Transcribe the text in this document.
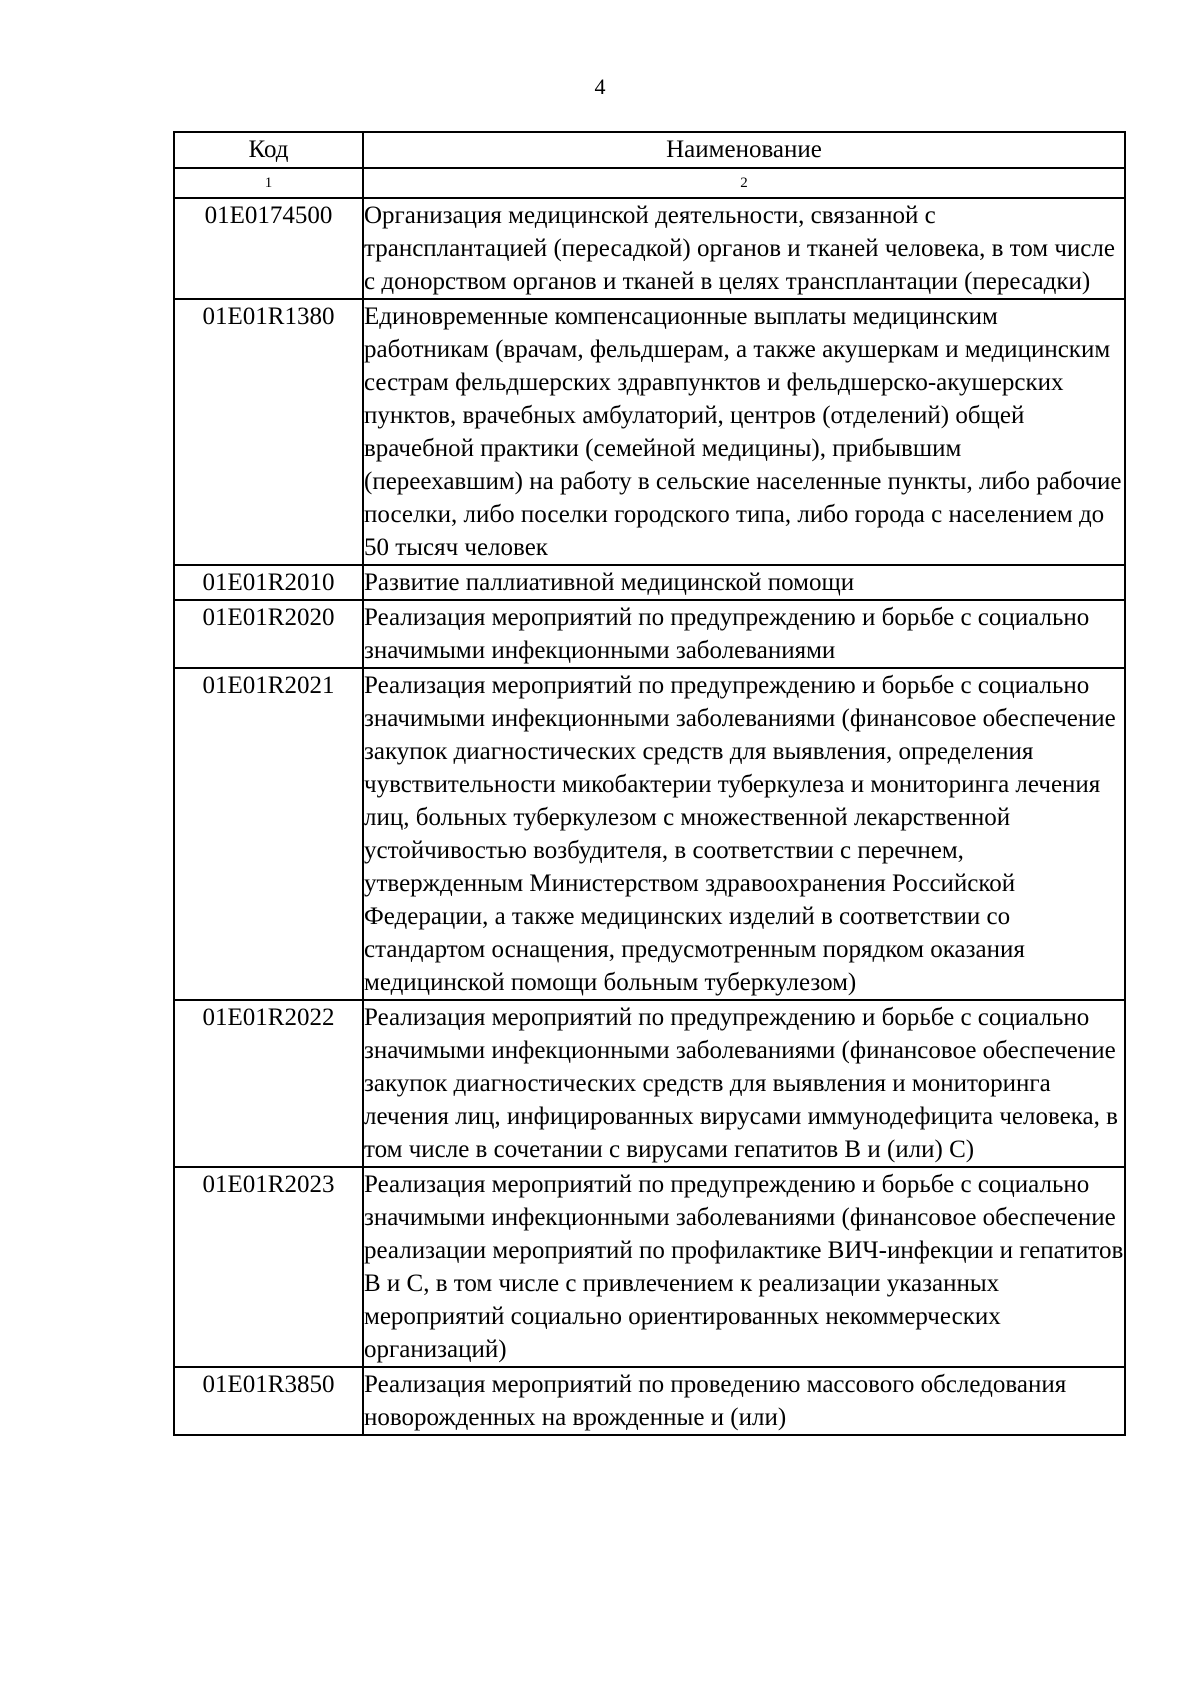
4
Код	Наименование
1	2
01E0174500	Организация медицинской деятельности, связанной с трансплантацией (пересадкой) органов и тканей человека, в том числе с донорством органов и тканей в целях трансплантации (пересадки)
01E01R1380	Единовременные компенсационные выплаты медицинским работникам (врачам, фельдшерам, а также акушеркам и медицинским сестрам фельдшерских здравпунктов и фельдшерско-акушерских пунктов, врачебных амбулаторий, центров (отделений) общей врачебной практики (семейной медицины), прибывшим (переехавшим) на работу в сельские населенные пункты, либо рабочие поселки, либо поселки городского типа, либо города с населением до 50 тысяч человек
01E01R2010	Развитие паллиативной медицинской помощи
01E01R2020	Реализация мероприятий по предупреждению и борьбе с социально значимыми инфекционными заболеваниями
01E01R2021	Реализация мероприятий по предупреждению и борьбе с социально значимыми инфекционными заболеваниями (финансовое обеспечение закупок диагностических средств для выявления, определения чувствительности микобактерии туберкулеза и мониторинга лечения лиц, больных туберкулезом с множественной лекарственной устойчивостью возбудителя, в соответствии с перечнем, утвержденным Министерством здравоохранения Российской Федерации, а также медицинских изделий в соответствии со стандартом оснащения, предусмотренным порядком оказания медицинской помощи больным туберкулезом)
01E01R2022	Реализация мероприятий по предупреждению и борьбе с социально значимыми инфекционными заболеваниями (финансовое обеспечение закупок диагностических средств для выявления и мониторинга лечения лиц, инфицированных вирусами иммунодефицита человека, в том числе в сочетании с вирусами гепатитов В и (или) С)
01E01R2023	Реализация мероприятий по предупреждению и борьбе с социально значимыми инфекционными заболеваниями (финансовое обеспечение реализации мероприятий по профилактике ВИЧ-инфекции и гепатитов В и С, в том числе с привлечением к реализации указанных мероприятий социально ориентированных некоммерческих организаций)
01E01R3850	Реализация мероприятий по проведению массового обследования новорожденных на врожденные и (или)
